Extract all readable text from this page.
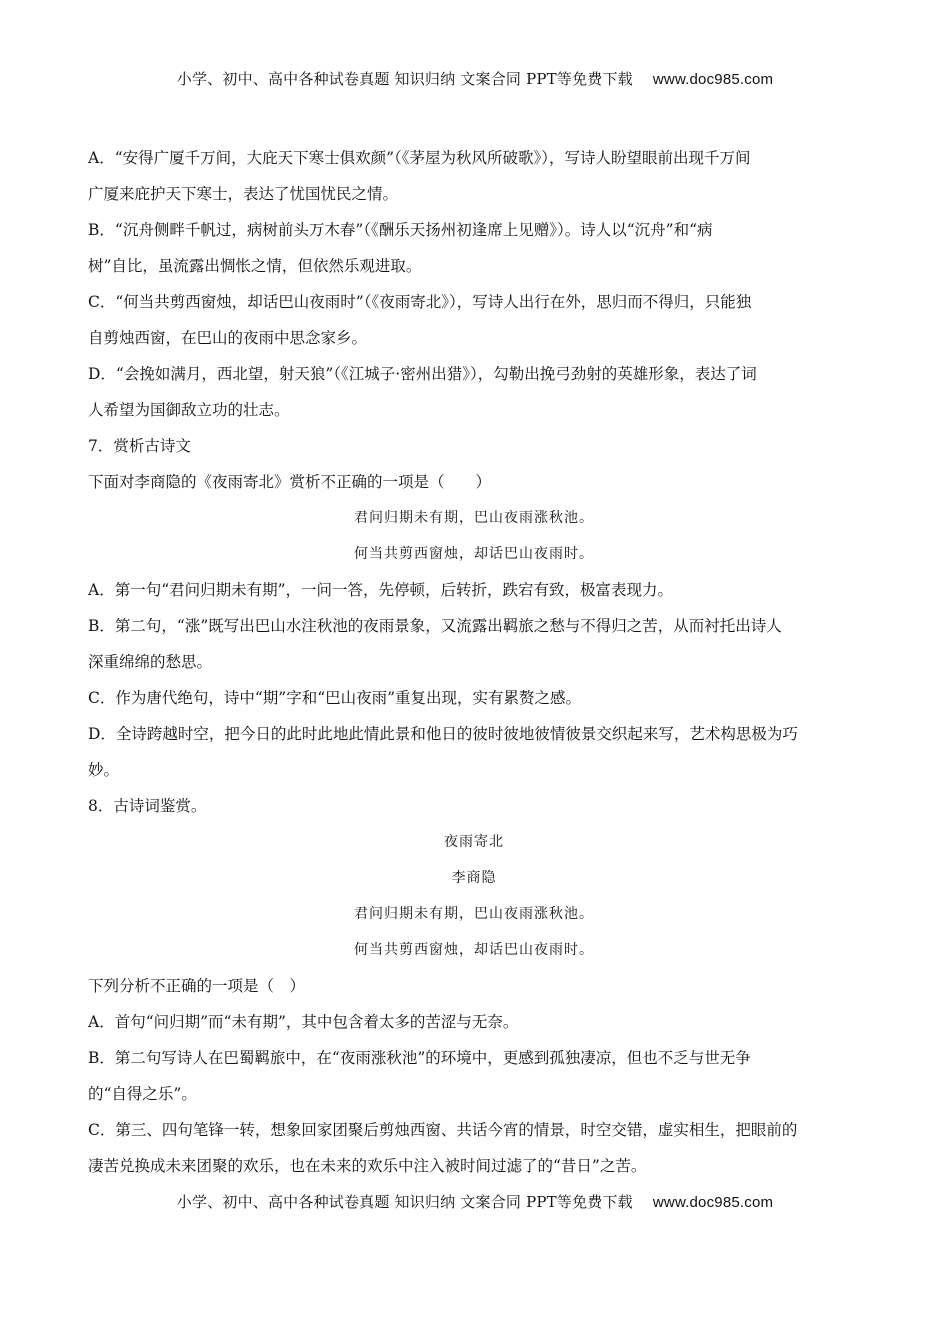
小学、初中、高中各种试卷真题 知识归纳 文案合同 PPT等免费下载 www.doc985.com
A．“安得广厦千万间，大庇天下寒士俱欢颜”（《茅屋为秋风所破歌》），写诗人盼望眼前出现千万间
广厦来庇护天下寒士，表达了忧国忧民之情。
B．“沉舟侧畔千帆过，病树前头万木春”（《酬乐天扬州初逢席上见赠》）。诗人以“沉舟”和“病
树”自比，虽流露出惆怅之情，但依然乐观进取。
C．“何当共剪西窗烛，却话巴山夜雨时”（《夜雨寄北》），写诗人出行在外，思归而不得归，只能独
自剪烛西窗，在巴山的夜雨中思念家乡。
D．“会挽如满月，西北望，射天狼”（《江城子·密州出猎》），勾勒出挽弓劲射的英雄形象，表达了词
人希望为国御敌立功的壮志。
7．赏析古诗文
下面对李商隐的《夜雨寄北》赏析不正确的一项是（　　）
君问归期未有期，巴山夜雨涨秋池。
何当共剪西窗烛，却话巴山夜雨时。
A．第一句“君问归期未有期”，一问一答，先停顿，后转折，跌宕有致，极富表现力。
B．第二句，“涨”既写出巴山水注秋池的夜雨景象，又流露出羁旅之愁与不得归之苦，从而衬托出诗人
深重绵绵的愁思。
C．作为唐代绝句，诗中“期”字和“巴山夜雨”重复出现，实有累赘之感。
D．全诗跨越时空，把今日的此时此地此情此景和他日的彼时彼地彼情彼景交织起来写，艺术构思极为巧
妙。
8．古诗词鉴赏。
夜雨寄北
李商隐
君问归期未有期，巴山夜雨涨秋池。
何当共剪西窗烛，却话巴山夜雨时。
下列分析不正确的一项是（　）
A．首句“问归期”而“未有期”，其中包含着太多的苦涩与无奈。
B．第二句写诗人在巴蜀羁旅中，在“夜雨涨秋池”的环境中，更感到孤独凄凉，但也不乏与世无争
的“自得之乐”。
C．第三、四句笔锋一转，想象回家团聚后剪烛西窗、共话今宵的情景，时空交错，虚实相生，把眼前的
凄苦兑换成未来团聚的欢乐，也在未来的欢乐中注入被时间过滤了的“昔日”之苦。
小学、初中、高中各种试卷真题 知识归纳 文案合同 PPT等免费下载 www.doc985.com
